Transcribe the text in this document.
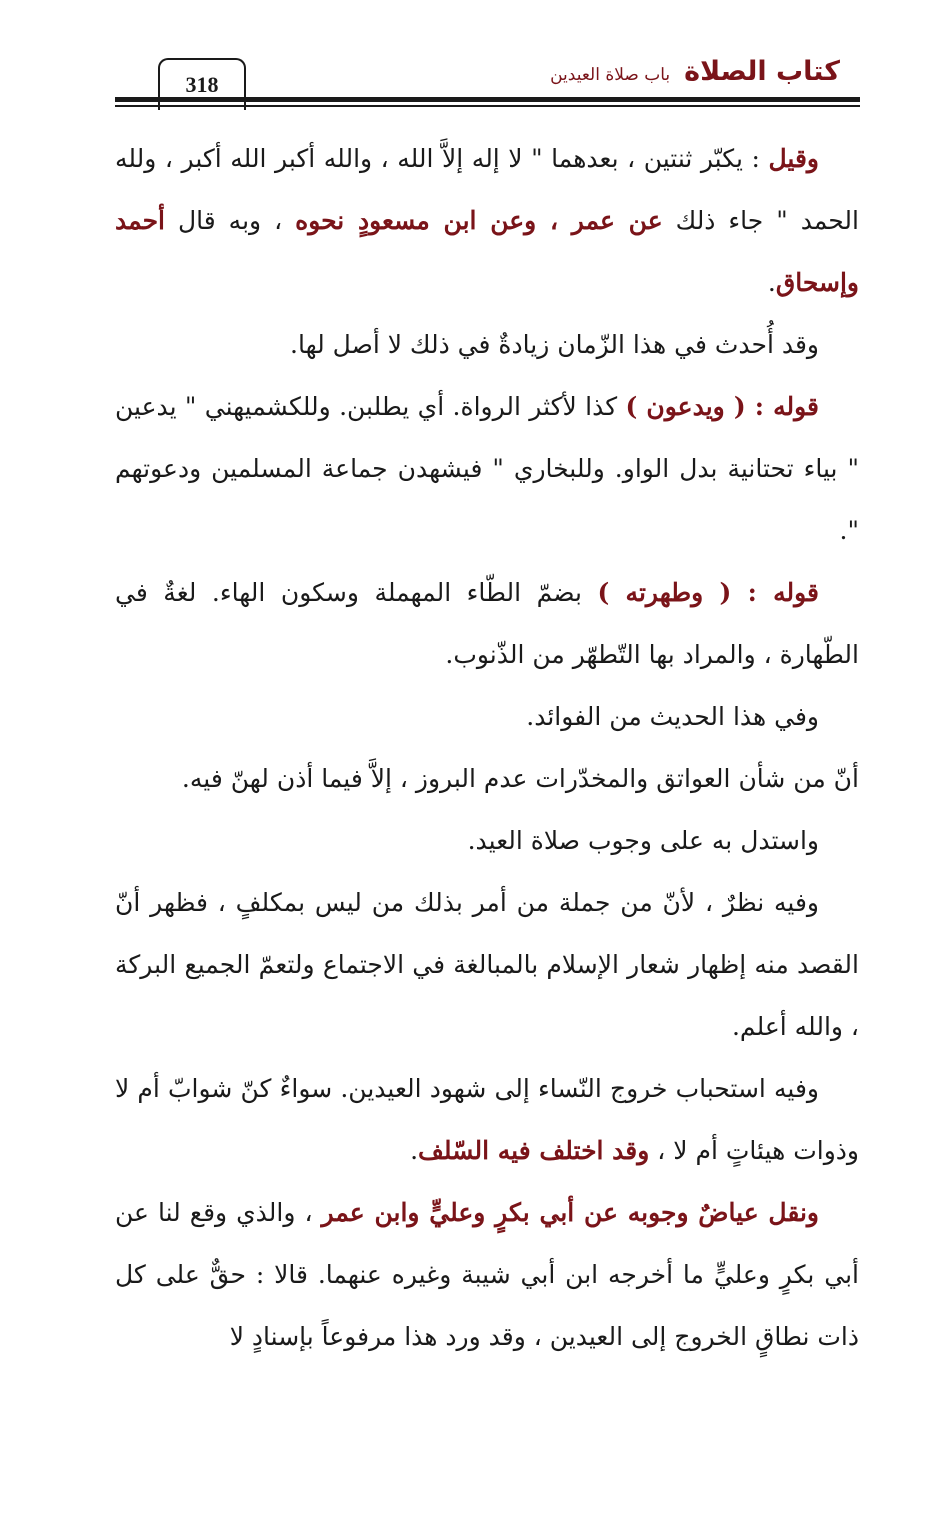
318	كتاب الصلاة
باب صلاة العيدين

وقيل : يكبّر ثنتين ، بعدهما " لا إله إلاَّ الله ، والله أكبر الله أكبر ، ولله الحمد " جاء ذلك عن عمر ، وعن ابن مسعودٍ نحوه ، وبه قال أحمد وإسحاق.

وقد أُحدث في هذا الزّمان زيادةٌ في ذلك لا أصل لها.

قوله : ( ويدعون ) كذا لأكثر الرواة. أي يطلبن. وللكشميهني " يدعين " بياء تحتانية بدل الواو. وللبخاري " فيشهدن جماعة المسلمين ودعوتهم ".

قوله : ( وطهرته ) بضمّ الطّاء المهملة وسكون الهاء. لغةٌ في الطّهارة ، والمراد بها التّطهّر من الذّنوب.

وفي هذا الحديث من الفوائد.

أنّ من شأن العواتق والمخدّرات عدم البروز ، إلاَّ فيما أذن لهنّ فيه.

واستدل به على وجوب صلاة العيد.

وفيه نظرٌ ، لأنّ من جملة من أمر بذلك من ليس بمكلفٍ ، فظهر أنّ القصد منه إظهار شعار الإسلام بالمبالغة في الاجتماع ولتعمّ الجميع البركة ، والله أعلم.

وفيه استحباب خروج النّساء إلى شهود العيدين. سواءٌ كنّ شوابّ أم لا وذوات هيئاتٍ أم لا ، وقد اختلف فيه السّلف.

ونقل عياضٌ وجوبه عن أبي بكرٍ وعليٍّ وابن عمر ، والذي وقع لنا عن أبي بكرٍ وعليٍّ ما أخرجه ابن أبي شيبة وغيره عنهما. قالا : حقٌّ على كل ذات نطاقٍ الخروج إلى العيدين ، وقد ورد هذا مرفوعاً بإسنادٍ لا
